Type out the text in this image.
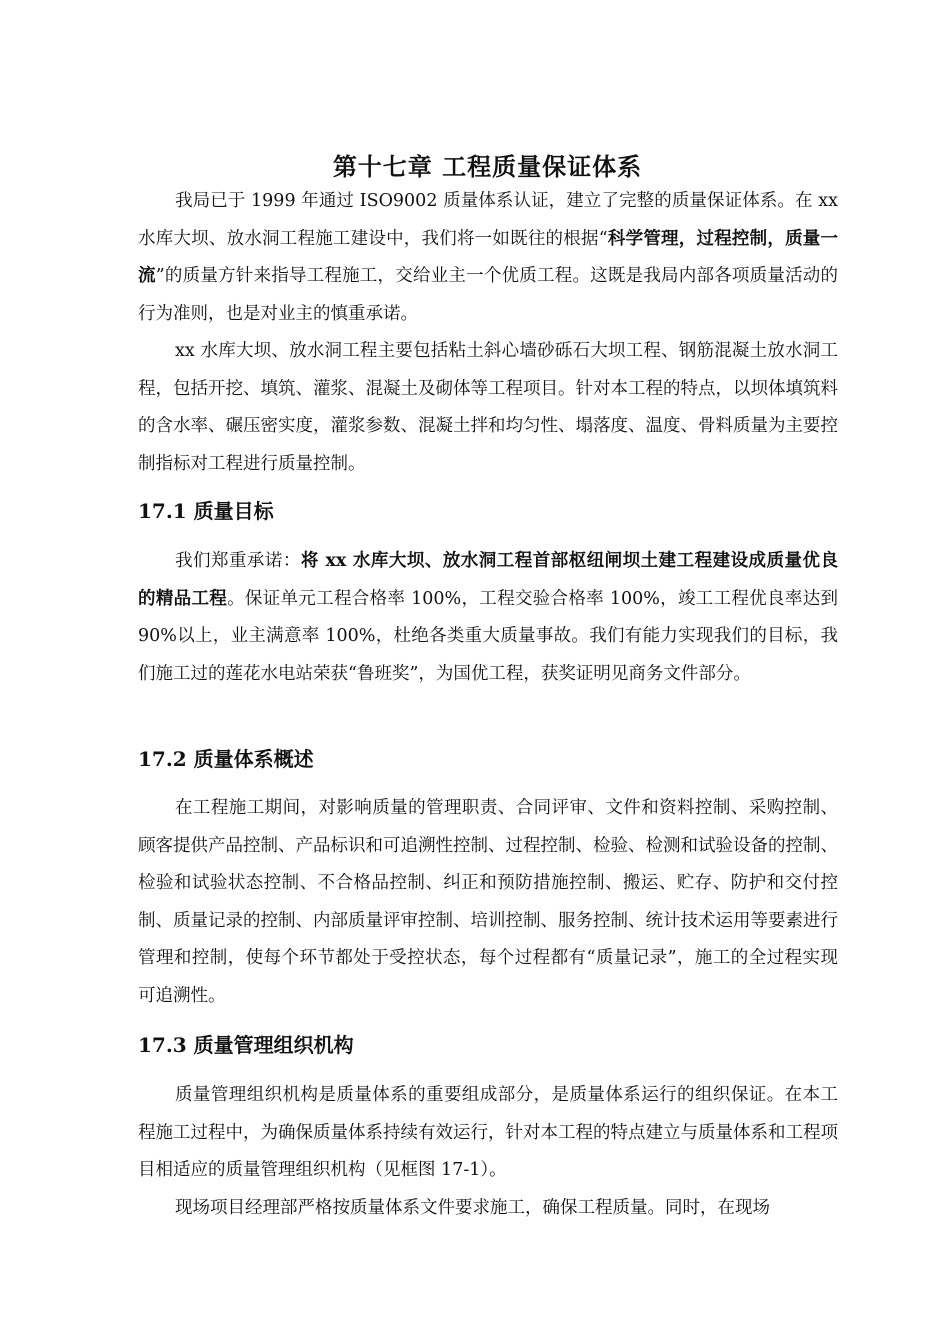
第十七章 工程质量保证体系

我局已于 1999 年通过 ISO9002 质量体系认证，建立了完整的质量保证体系。在 xx 水库大坝、放水洞工程施工建设中，我们将一如既往的根据“科学管理，过程控制，质量一流”的质量方针来指导工程施工，交给业主一个优质工程。这既是我局内部各项质量活动的行为准则，也是对业主的慎重承诺。

xx 水库大坝、放水洞工程主要包括粘土斜心墙砂砾石大坝工程、钢筋混凝土放水洞工程，包括开挖、填筑、灌浆、混凝土及砌体等工程项目。针对本工程的特点，以坝体填筑料的含水率、碾压密实度，灌浆参数、混凝土拌和均匀性、塌落度、温度、骨料质量为主要控制指标对工程进行质量控制。

17.1 质量目标

我们郑重承诺：将 xx 水库大坝、放水洞工程首部枢纽闸坝土建工程建设成质量优良的精品工程。保证单元工程合格率 100%，工程交验合格率 100%，竣工工程优良率达到 90%以上，业主满意率 100%，杜绝各类重大质量事故。我们有能力实现我们的目标，我们施工过的莲花水电站荣获“鲁班奖”，为国优工程，获奖证明见商务文件部分。

17.2 质量体系概述

在工程施工期间，对影响质量的管理职责、合同评审、文件和资料控制、采购控制、顾客提供产品控制、产品标识和可追溯性控制、过程控制、检验、检测和试验设备的控制、检验和试验状态控制、不合格品控制、纠正和预防措施控制、搬运、贮存、防护和交付控制、质量记录的控制、内部质量评审控制、培训控制、服务控制、统计技术运用等要素进行管理和控制，使每个环节都处于受控状态，每个过程都有“质量记录”，施工的全过程实现可追溯性。

17.3 质量管理组织机构

质量管理组织机构是质量体系的重要组成部分，是质量体系运行的组织保证。在本工程施工过程中，为确保质量体系持续有效运行，针对本工程的特点建立与质量体系和工程项目相适应的质量管理组织机构（见框图 17-1）。

现场项目经理部严格按质量体系文件要求施工，确保工程质量。同时，在现场
